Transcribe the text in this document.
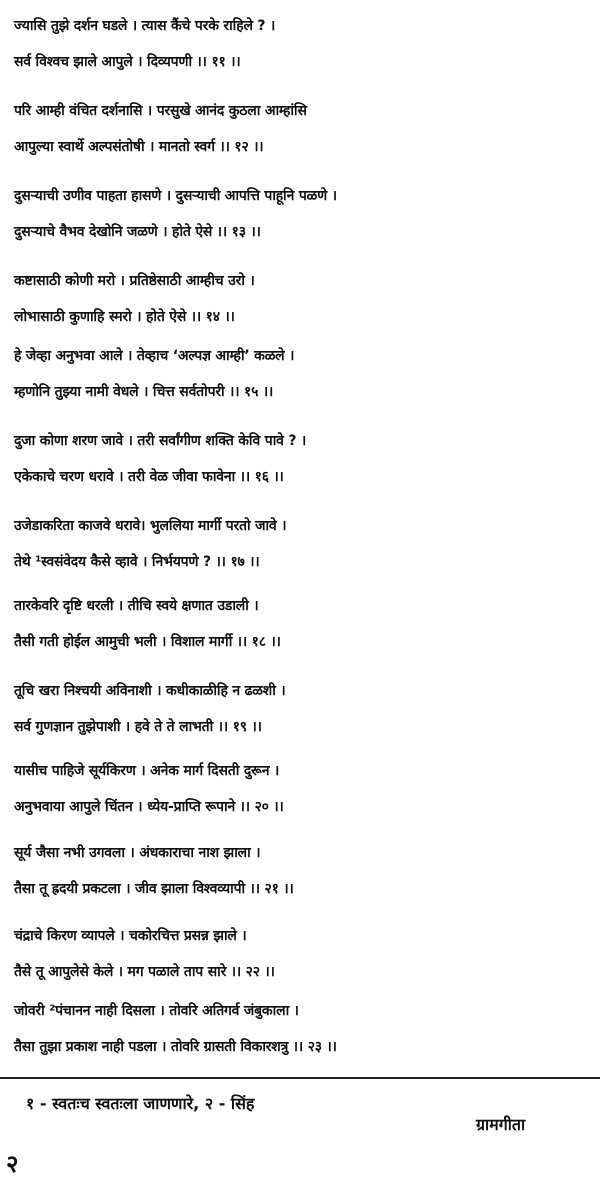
ज्यासि तुझे दर्शन घडले । त्यास कैंचे परके राहिले ? ।
सर्व विश्वच झाले आपुले । दिव्यपणी ।। ११ ।।
परि आम्ही वंचित दर्शनासि । परसुखे आनंद कुठला आम्हांसि
आपुल्या स्वार्थे अल्पसंतोषी । मानतो स्वर्ग ।। १२ ।।
दुसऱ्याची उणीव पाहता हासणे । दुसऱ्याची आपत्ति पाहूनि पळणे ।
दुसऱ्याचे वैभव देखोनि जळणे । होते ऐसे ।। १३ ।।
कष्टासाठी कोणी मरो । प्रतिष्ठेसाठी आम्हीच उरो ।
लोभासाठी कुणाहि स्मरो । होते ऐसे ।। १४ ।।
हे जेव्हा अनुभवा आले । तेव्हाच ‘अल्पज्ञ आम्ही’ कळले ।
म्हणोनि तुझ्या नामी वेधले । चित्त सर्वतोपरी ।। १५ ।।
दुजा कोणा शरण जावे । तरी सर्वांगीण शक्ति केवि पावे ? ।
एकेकाचे चरण धरावे । तरी वेळ जीवा फावेना ।। १६ ।।
उजेडाकरिता काजवे धरावे। भुललिया मार्गी परतो जावे ।
तेथे ¹स्वसंवेदय कैसे व्हावे । निर्भयपणे ? ।। १७ ।।
तारकेवरि दृष्टि धरली । तीचि स्वये क्षणात उडाली ।
तैसी गती होईल आमुची भली । विशाल मार्गी ।। १८ ।।
तूचि खरा निश्चयी अविनाशी । कधीकाळीहि न ढळशी ।
सर्व गुणज्ञान तुझेपाशी । हवे ते ते लाभती ।। १९ ।।
यासीच पाहिजे सूर्यकिरण । अनेक मार्ग दिसती दुरून ।
अनुभवाया आपुले चिंतन । ध्येय-प्राप्ति रूपाने ।। २० ।।
सूर्य जैसा नभी उगवला । अंधकाराचा नाश झाला ।
तैसा तू ह्रदयी प्रकटला । जीव झाला विश्वव्यापी ।। २१ ।।
चंद्राचे किरण व्यापले । चकोरचित्त प्रसन्न झाले ।
तैसे तू आपुलेसे केले । मग पळाले ताप सारे ।। २२ ।।
जोवरी ²पंचानन नाही दिसला । तोवरि अतिगर्व जंबुकाला ।
तैसा तुझा प्रकाश नाही पडला । तोवरि ग्रासती विकारशत्रु ।। २३ ।।
१ - स्वतःच स्वतःला जाणणारे, २ - सिंह
ग्रामगीता
२
